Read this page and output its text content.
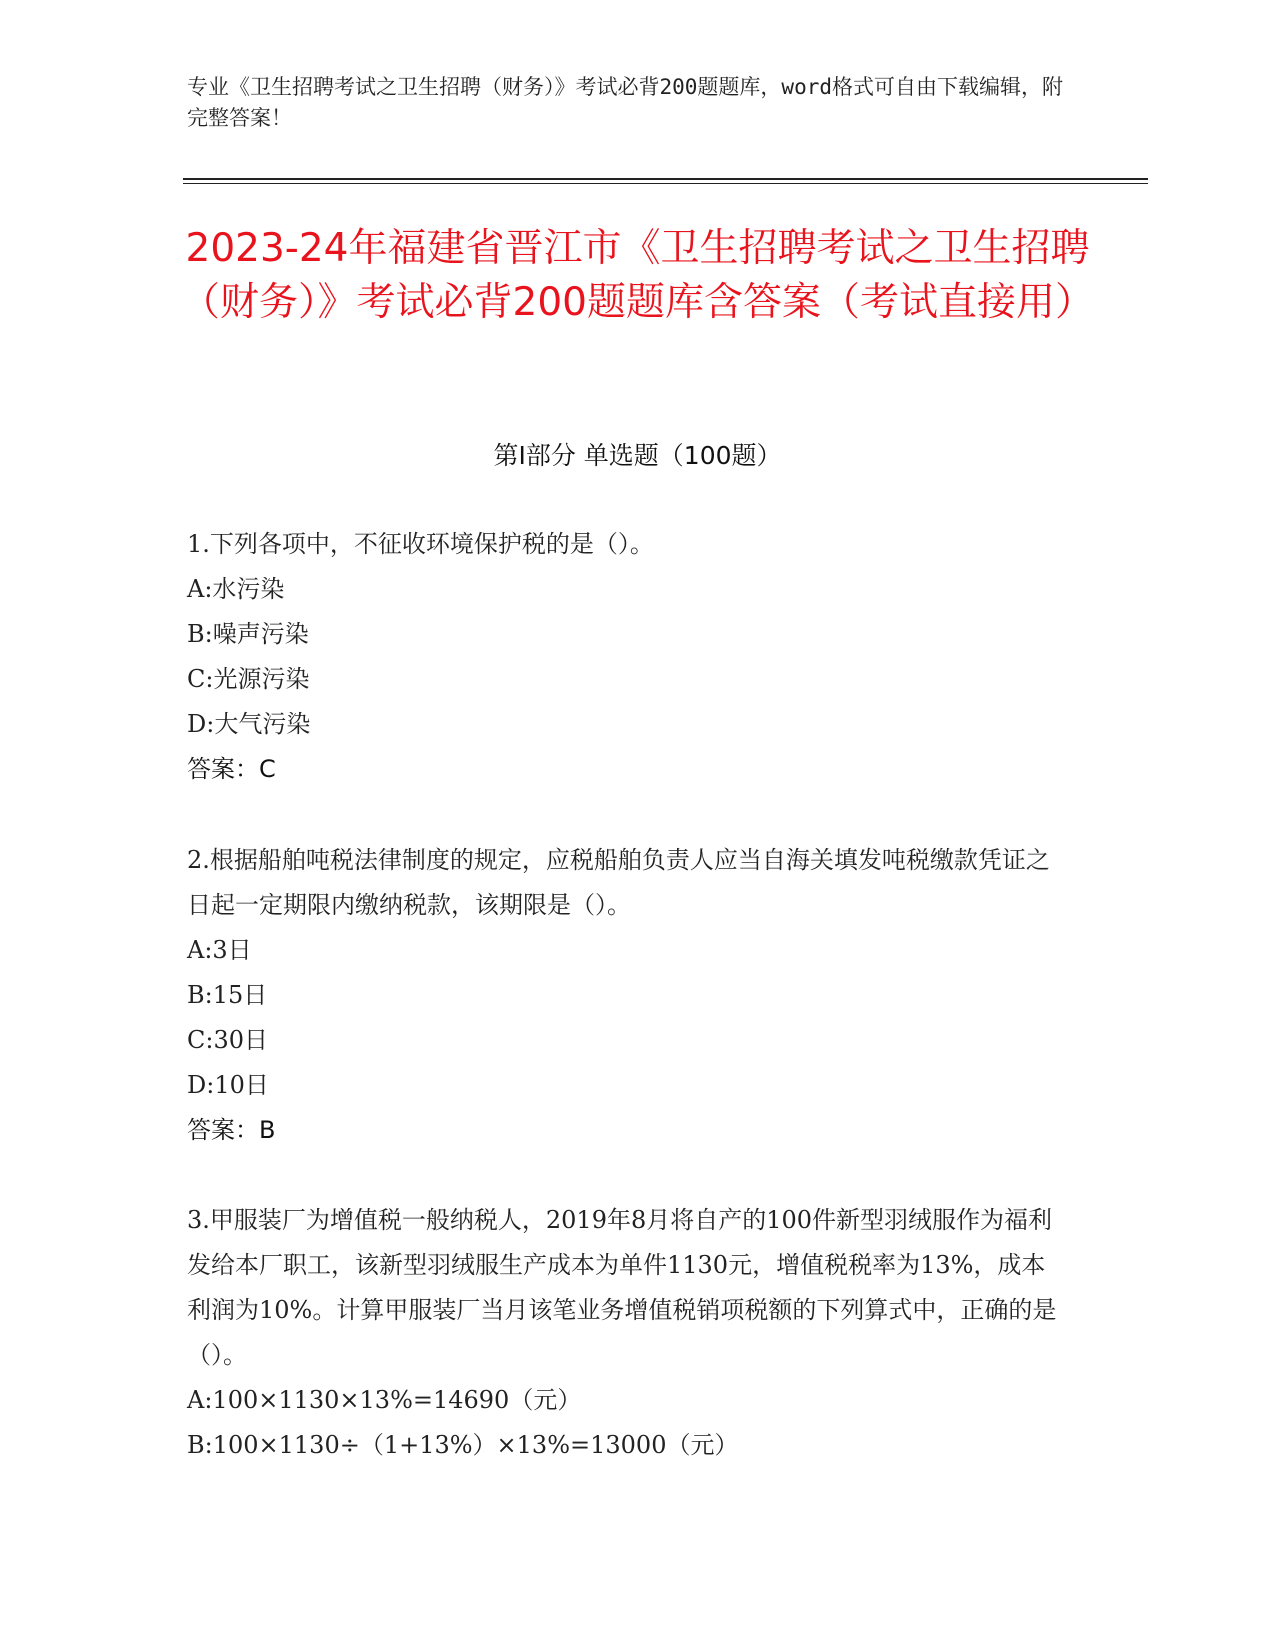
专业《卫生招聘考试之卫生招聘（财务）》考试必背200题题库，word格式可自由下载编辑，附完整答案！
2023-24年福建省晋江市《卫生招聘考试之卫生招聘（财务）》考试必背200题题库含答案（考试直接用）
第Ⅰ部分 单选题（100题）

1.下列各项中，不征收环境保护税的是（）。

A:水污染

B:噪声污染

C:光源污染

D:大气污染

答案：C

2.根据船舶吨税法律制度的规定，应税船舶负责人应当自海关填发吨税缴款凭证之日起一定期限内缴纳税款，该期限是（）。

A:3日

B:15日

C:30日

D:10日

答案：B

3.甲服装厂为增值税一般纳税人，2019年8月将自产的100件新型羽绒服作为福利发给本厂职工，该新型羽绒服生产成本为单件1130元，增值税税率为13%，成本利润为10%。计算甲服装厂当月该笔业务增值税销项税额的下列算式中，正确的是（）。

A:100×1130×13%=14690（元）

B:100×1130÷（1+13%）×13%=13000（元）
